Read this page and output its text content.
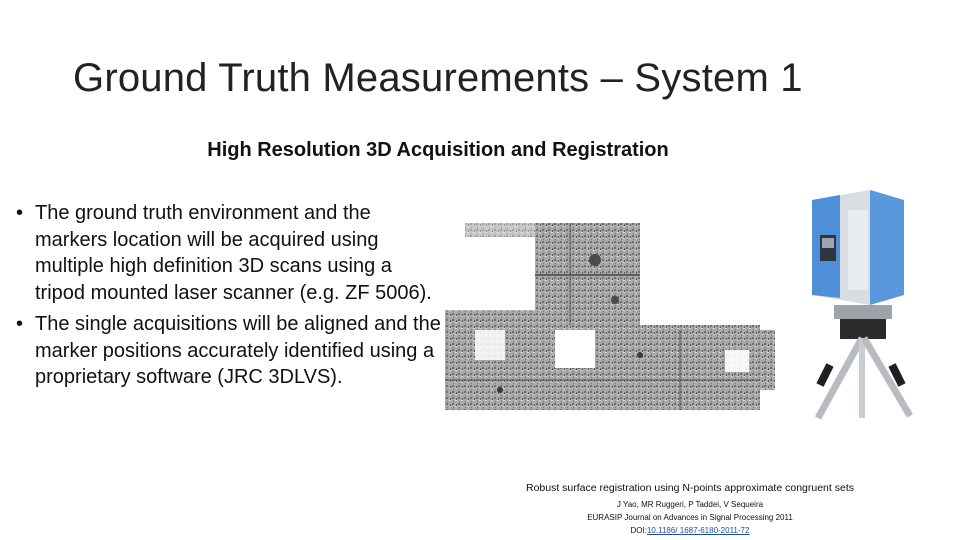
Ground Truth Measurements – System 1
High Resolution 3D Acquisition and Registration
• The ground truth environment and the markers location will be acquired using multiple high definition 3D scans using a tripod mounted laser scanner (e.g. ZF 5006).
• The single acquisitions will be aligned and the marker positions accurately identified using a proprietary software (JRC 3DLVS).
Robust surface registration using N-points approximate congruent sets
J Yao, MR Ruggeri, P Taddei, V Sequeira
EURASIP Journal on Advances in Signal Processing 2011
DOI:10.1186/ 1687-6180-2011-72
